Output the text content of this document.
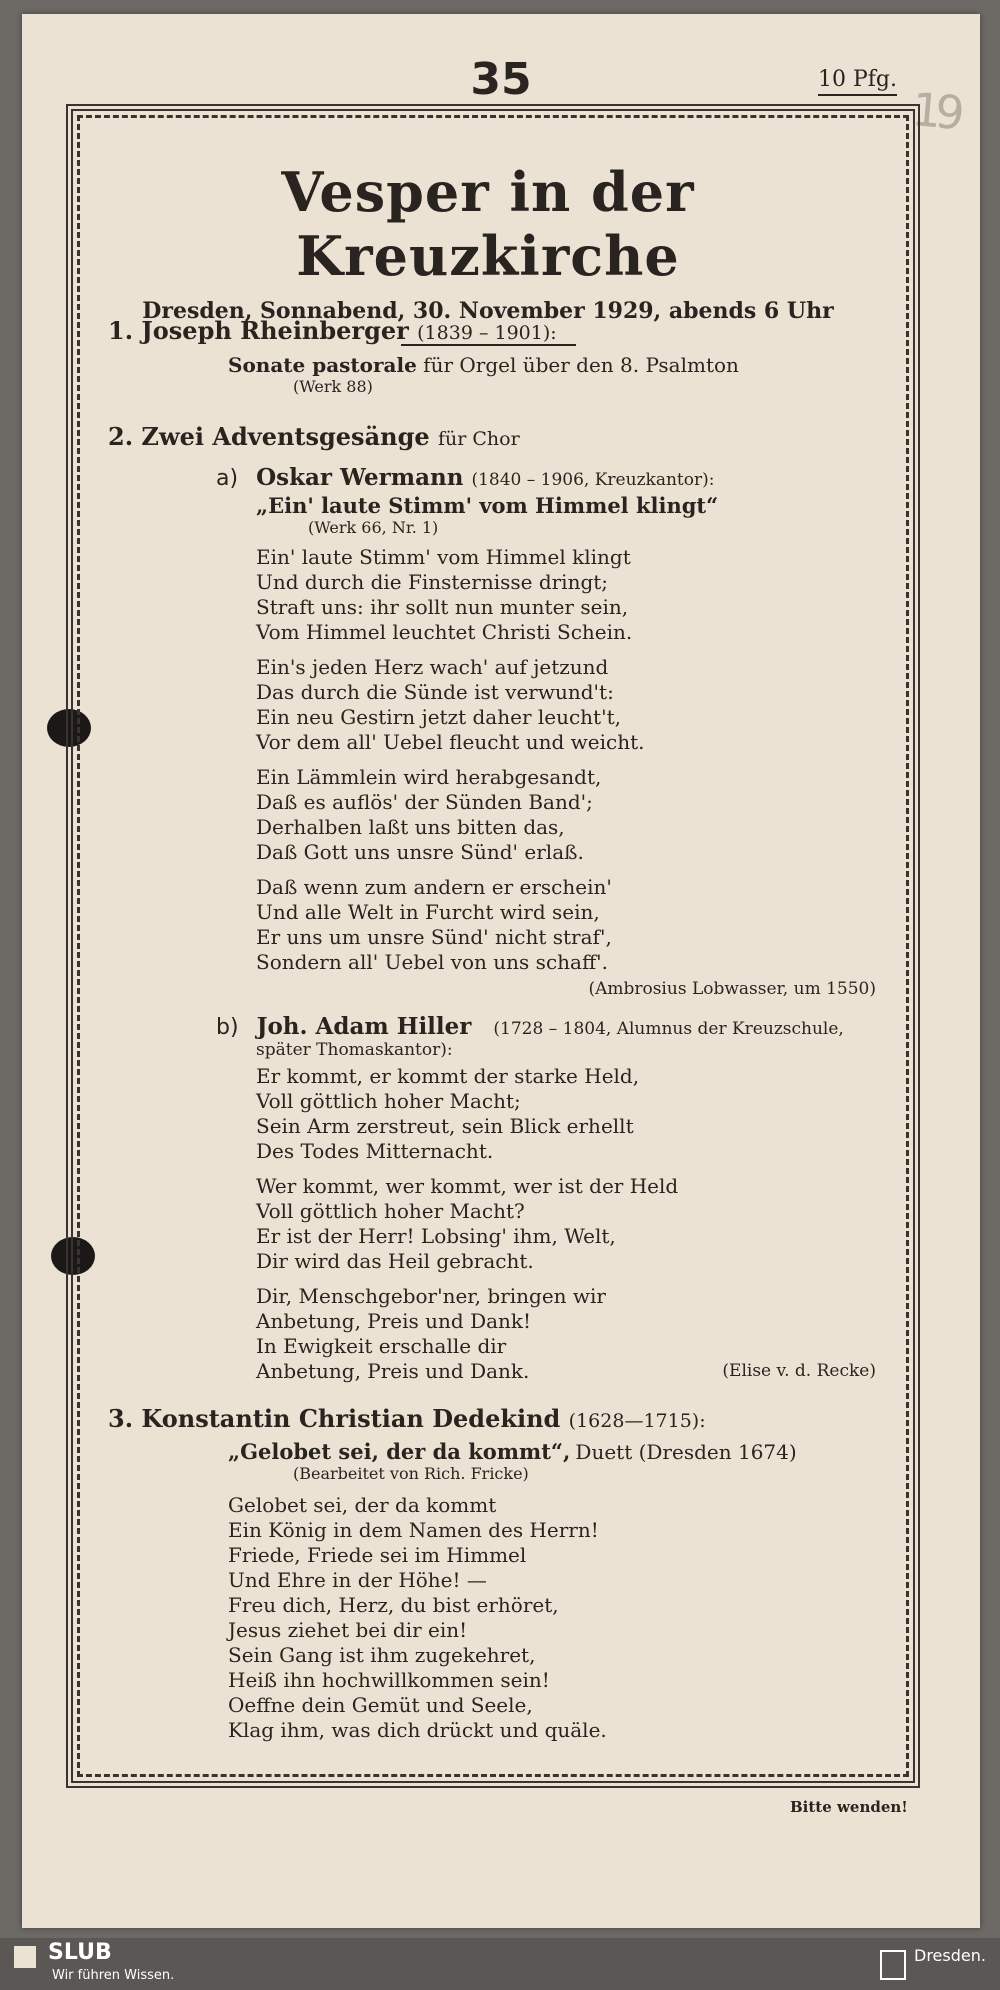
35	10 Pfg.
19
Vesper in der Kreuzkirche
Dresden, Sonnabend, 30. November 1929, abends 6 Uhr
1. Joseph Rheinberger (1839 – 1901):
Sonate pastorale für Orgel über den 8. Psalmton
(Werk 88)
2. Zwei Adventsgesänge für Chor
a) Oskar Wermann (1840 – 1906, Kreuzkantor):
„Ein' laute Stimm' vom Himmel klingt“
(Werk 66, Nr. 1)
Ein' laute Stimm' vom Himmel klingt
Und durch die Finsternisse dringt;
Straft uns: ihr sollt nun munter sein,
Vom Himmel leuchtet Christi Schein.
Ein's jeden Herz wach' auf jetzund
Das durch die Sünde ist verwund't:
Ein neu Gestirn jetzt daher leucht't,
Vor dem all' Uebel fleucht und weicht.
Ein Lämmlein wird herabgesandt,
Daß es auflös' der Sünden Band';
Derhalben laßt uns bitten das,
Daß Gott uns unsre Sünd' erlaß.
Daß wenn zum andern er erschein'
Und alle Welt in Furcht wird sein,
Er uns um unsre Sünd' nicht straf',
Sondern all' Uebel von uns schaff'.
(Ambrosius Lobwasser, um 1550)
b) Joh. Adam Hiller (1728 – 1804, Alumnus der Kreuzschule,
später Thomaskantor):
Er kommt, er kommt der starke Held,
Voll göttlich hoher Macht;
Sein Arm zerstreut, sein Blick erhellt
Des Todes Mitternacht.
Wer kommt, wer kommt, wer ist der Held
Voll göttlich hoher Macht?
Er ist der Herr! Lobsing' ihm, Welt,
Dir wird das Heil gebracht.
Dir, Menschgebor'ner, bringen wir
Anbetung, Preis und Dank!
In Ewigkeit erschalle dir
Anbetung, Preis und Dank.	(Elise v. d. Recke)
3. Konstantin Christian Dedekind (1628—1715):
„Gelobet sei, der da kommt“, Duett (Dresden 1674)
(Bearbeitet von Rich. Fricke)
Gelobet sei, der da kommt
Ein König in dem Namen des Herrn!
Friede, Friede sei im Himmel
Und Ehre in der Höhe! —
Freu dich, Herz, du bist erhöret,
Jesus ziehet bei dir ein!
Sein Gang ist ihm zugekehret,
Heiß ihn hochwillkommen sein!
Oeffne dein Gemüt und Seele,
Klag ihm, was dich drückt und quäle.
Bitte wenden!
SLUB
Wir führen Wissen.
Dresden.
